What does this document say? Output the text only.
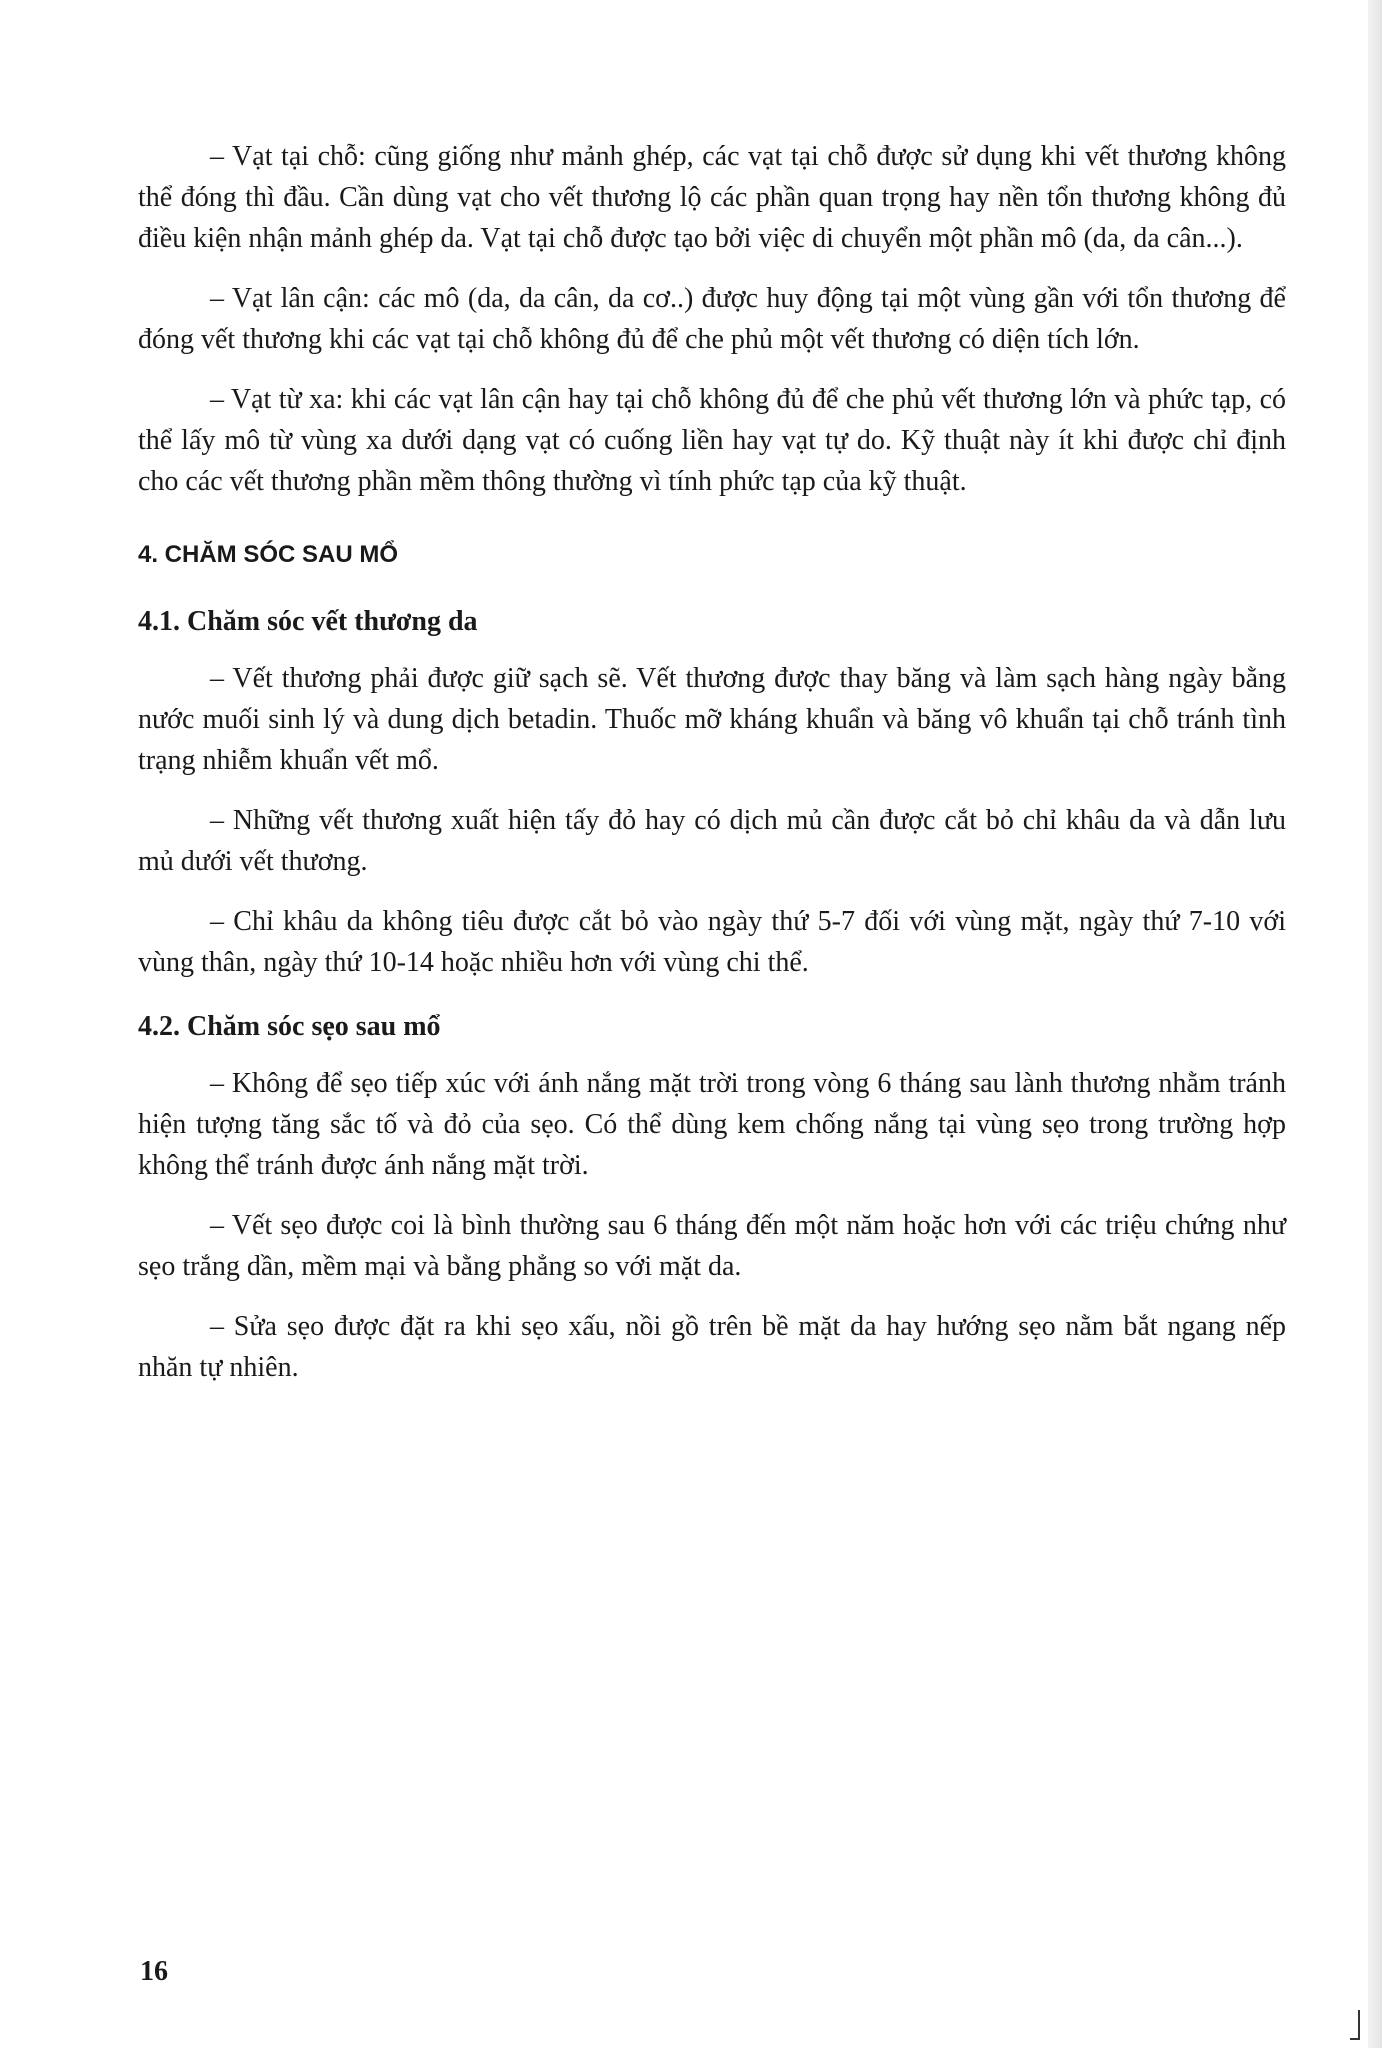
– Vạt tại chỗ: cũng giống như mảnh ghép, các vạt tại chỗ được sử dụng khi vết thương không thể đóng thì đầu. Cần dùng vạt cho vết thương lộ các phần quan trọng hay nền tổn thương không đủ điều kiện nhận mảnh ghép da. Vạt tại chỗ được tạo bởi việc di chuyển một phần mô (da, da cân...).

– Vạt lân cận: các mô (da, da cân, da cơ..) được huy động tại một vùng gần với tổn thương để đóng vết thương khi các vạt tại chỗ không đủ để che phủ một vết thương có diện tích lớn.

– Vạt từ xa: khi các vạt lân cận hay tại chỗ không đủ để che phủ vết thương lớn và phức tạp, có thể lấy mô từ vùng xa dưới dạng vạt có cuống liền hay vạt tự do. Kỹ thuật này ít khi được chỉ định cho các vết thương phần mềm thông thường vì tính phức tạp của kỹ thuật.

4. CHĂM SÓC SAU MỔ
4.1. Chăm sóc vết thương da

– Vết thương phải được giữ sạch sẽ. Vết thương được thay băng và làm sạch hàng ngày bằng nước muối sinh lý và dung dịch betadin. Thuốc mỡ kháng khuẩn và băng vô khuẩn tại chỗ tránh tình trạng nhiễm khuẩn vết mổ.

– Những vết thương xuất hiện tấy đỏ hay có dịch mủ cần được cắt bỏ chỉ khâu da và dẫn lưu mủ dưới vết thương.

– Chỉ khâu da không tiêu được cắt bỏ vào ngày thứ 5-7 đối với vùng mặt, ngày thứ 7-10 với vùng thân, ngày thứ 10-14 hoặc nhiều hơn với vùng chi thể.

4.2. Chăm sóc sẹo sau mổ

– Không để sẹo tiếp xúc với ánh nắng mặt trời trong vòng 6 tháng sau lành thương nhằm tránh hiện tượng tăng sắc tố và đỏ của sẹo. Có thể dùng kem chống nắng tại vùng sẹo trong trường hợp không thể tránh được ánh nắng mặt trời.

– Vết sẹo được coi là bình thường sau 6 tháng đến một năm hoặc hơn với các triệu chứng như sẹo trắng dần, mềm mại và bằng phẳng so với mặt da.

– Sửa sẹo được đặt ra khi sẹo xấu, nồi gồ trên bề mặt da hay hướng sẹo nằm bắt ngang nếp nhăn tự nhiên.

16
